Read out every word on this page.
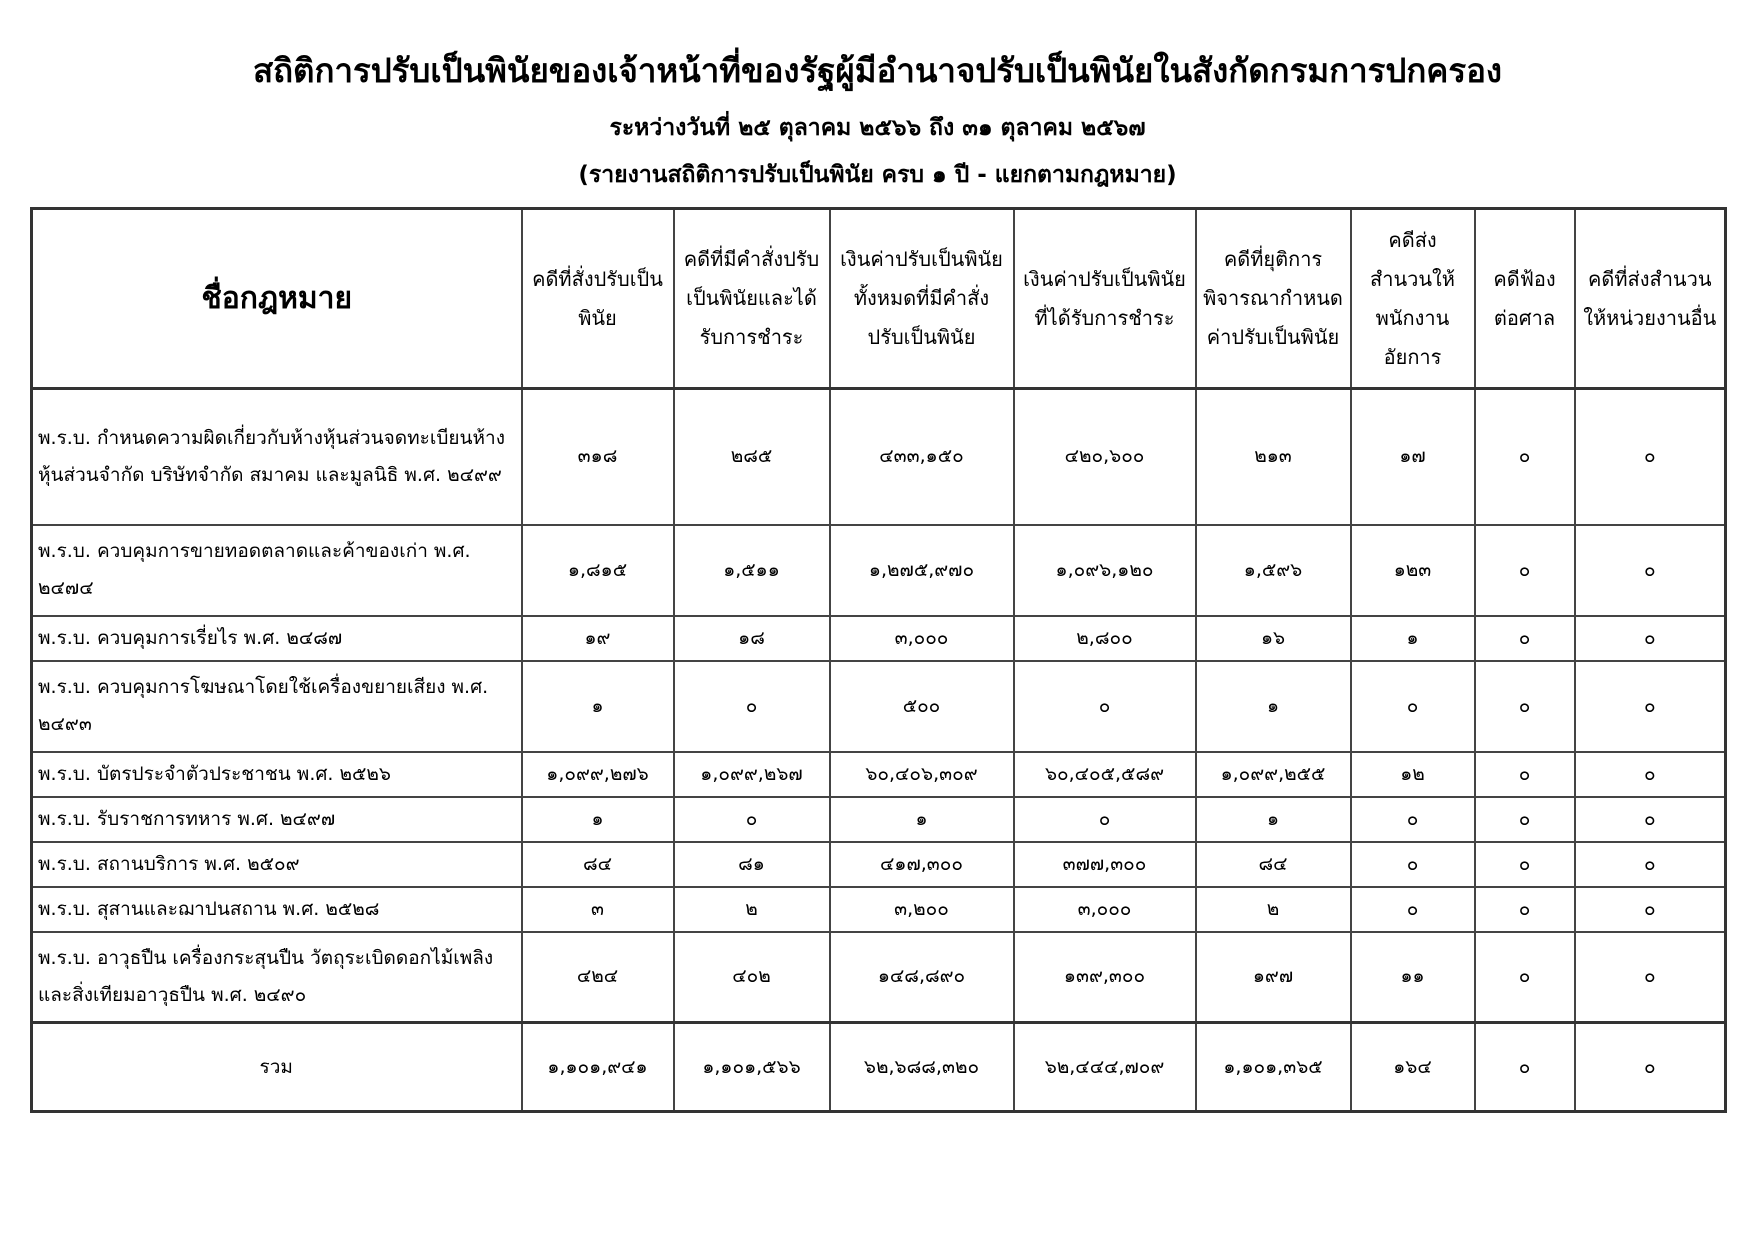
สถิติการปรับเป็นพินัยของเจ้าหน้าที่ของรัฐผู้มีอำนาจปรับเป็นพินัยในสังกัดกรมการปกครอง

ระหว่างวันที่ ๒๕ ตุลาคม ๒๕๖๖ ถึง ๓๑ ตุลาคม ๒๕๖๗

(รายงานสถิติการปรับเป็นพินัย ครบ ๑ ปี - แยกตามกฎหมาย)

ชื่อกฎหมาย	คดีที่สั่งปรับเป็นพินัย	คดีที่มีคำสั่งปรับเป็นพินัยและได้รับการชำระ	เงินค่าปรับเป็นพินัยทั้งหมดที่มีคำสั่งปรับเป็นพินัย	เงินค่าปรับเป็นพินัยที่ได้รับการชำระ	คดีที่ยุติการพิจารณากำหนดค่าปรับเป็นพินัย	คดีส่งสำนวนให้พนักงานอัยการ	คดีฟ้องต่อศาล	คดีที่ส่งสำนวนให้หน่วยงานอื่น
พ.ร.บ. กำหนดความผิดเกี่ยวกับห้างหุ้นส่วนจดทะเบียนห้างหุ้นส่วนจำกัด บริษัทจำกัด สมาคม และมูลนิธิ พ.ศ. ๒๔๙๙	๓๑๘	๒๘๕	๔๓๓,๑๕๐	๔๒๐,๖๐๐	๒๑๓	๑๗	๐	๐
พ.ร.บ. ควบคุมการขายทอดตลาดและค้าของเก่า พ.ศ. ๒๔๗๔	๑,๘๑๕	๑,๕๑๑	๑,๒๗๕,๙๗๐	๑,๐๙๖,๑๒๐	๑,๕๙๖	๑๒๓	๐	๐
พ.ร.บ. ควบคุมการเรี่ยไร พ.ศ. ๒๔๘๗	๑๙	๑๘	๓,๐๐๐	๒,๘๐๐	๑๖	๑	๐	๐
พ.ร.บ. ควบคุมการโฆษณาโดยใช้เครื่องขยายเสียง พ.ศ. ๒๔๙๓	๑	๐	๕๐๐	๐	๑	๐	๐	๐
พ.ร.บ. บัตรประจำตัวประชาชน พ.ศ. ๒๕๒๖	๑,๐๙๙,๒๗๖	๑,๐๙๙,๒๖๗	๖๐,๔๐๖,๓๐๙	๖๐,๔๐๕,๕๘๙	๑,๐๙๙,๒๕๕	๑๒	๐	๐
พ.ร.บ. รับราชการทหาร พ.ศ. ๒๔๙๗	๑	๐	๑	๐	๑	๐	๐	๐
พ.ร.บ. สถานบริการ พ.ศ. ๒๕๐๙	๘๔	๘๑	๔๑๗,๓๐๐	๓๗๗,๓๐๐	๘๔	๐	๐	๐
พ.ร.บ. สุสานและฌาปนสถาน พ.ศ. ๒๕๒๘	๓	๒	๓,๒๐๐	๓,๐๐๐	๒	๐	๐	๐
พ.ร.บ. อาวุธปืน เครื่องกระสุนปืน วัตถุระเบิดดอกไม้เพลิง และสิ่งเทียมอาวุธปืน พ.ศ. ๒๔๙๐	๔๒๔	๔๐๒	๑๔๘,๘๙๐	๑๓๙,๓๐๐	๑๙๗	๑๑	๐	๐
รวม	๑,๑๐๑,๙๔๑	๑,๑๐๑,๕๖๖	๖๒,๖๘๘,๓๒๐	๖๒,๔๔๔,๗๐๙	๑,๑๐๑,๓๖๕	๑๖๔	๐	๐
